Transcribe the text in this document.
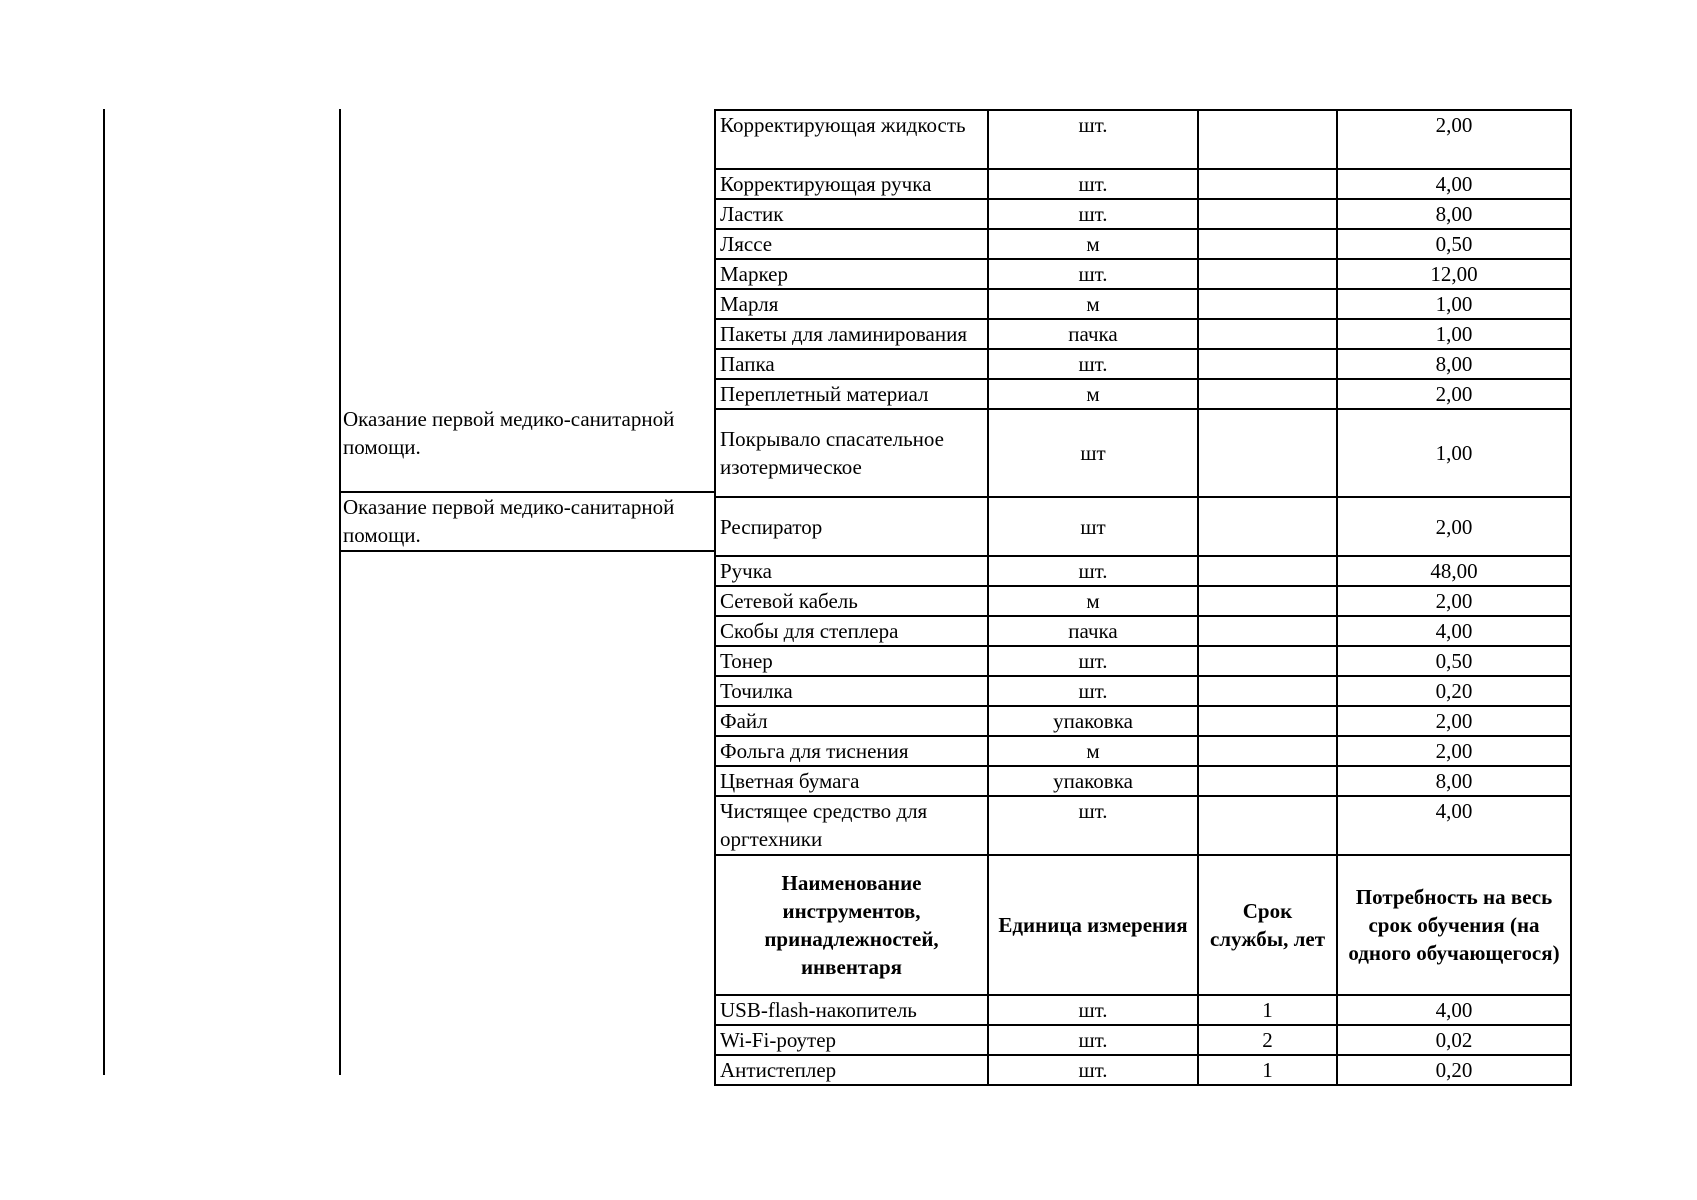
Оказание первой медико-санитарной
помощи.
Оказание первой медико-санитарной
помощи.
Корректирующая жидкость	шт.		2,00
Корректирующая ручка	шт.		4,00
Ластик	шт.		8,00
Ляссе	м		0,50
Маркер	шт.		12,00
Марля	м		1,00
Пакеты для ламинирования	пачка		1,00
Папка	шт.		8,00
Переплетный материал	м		2,00
Покрывало спасательное изотермическое	шт		1,00
Респиратор	шт		2,00
Ручка	шт.		48,00
Сетевой кабель	м		2,00
Скобы для степлера	пачка		4,00
Тонер	шт.		0,50
Точилка	шт.		0,20
Файл	упаковка		2,00
Фольга для тиснения	м		2,00
Цветная бумага	упаковка		8,00
Чистящее средство для оргтехники	шт.		4,00
Наименование инструментов, принадлежностей, инвентаря	Единица измерения	Срок службы, лет	Потребность на весь срок обучения (на одного обучающегося)
USB-flash-накопитель	шт.	1	4,00
Wi-Fi-роутер	шт.	2	0,02
Антистеплер	шт.	1	0,20
